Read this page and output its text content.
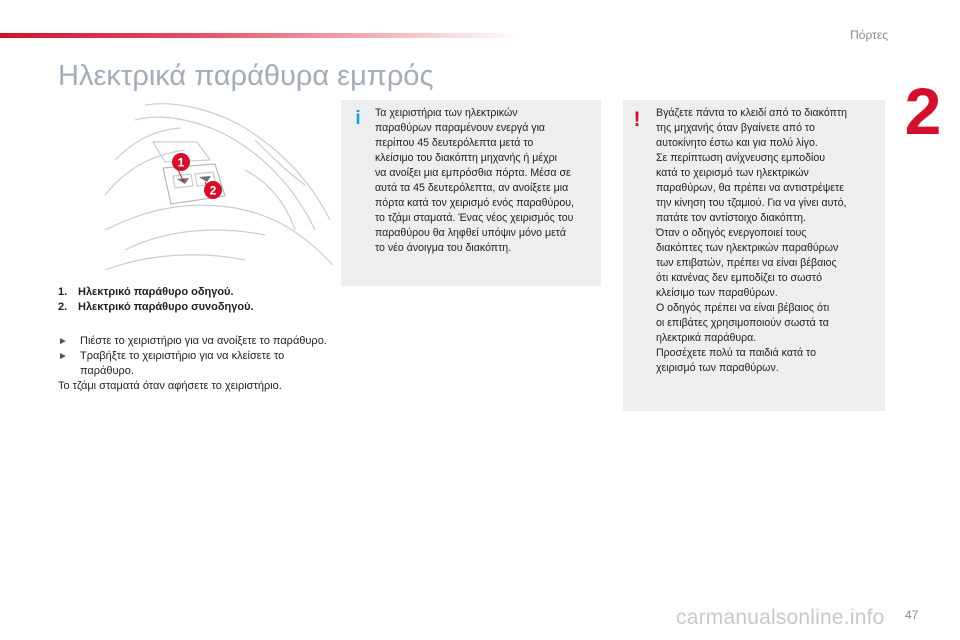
Πόρτες
2
Ηλεκτρικά παράθυρα εμπρός
1
2
1. Ηλεκτρικό παράθυρο οδηγού.
2. Ηλεκτρικό παράθυρο συνοδηγού.
►	Πιέστε το χειριστήριο για να ανοίξετε το παράθυρο.
►	Τραβήξτε το χειριστήριο για να κλείσετε το παράθυρο.
Το τζάμι σταματά όταν αφήσετε το χειριστήριο.
i	Τα χειριστήρια των ηλεκτρικών
παραθύρων παραμένουν ενεργά για
περίπου 45 δευτερόλεπτα μετά το
κλείσιμο του διακόπτη μηχανής ή μέχρι
να ανοίξει μια εμπρόσθια πόρτα. Μέσα σε
αυτά τα 45 δευτερόλεπτα, αν ανοίξετε μια
πόρτα κατά τον χειρισμό ενός παραθύρου,
το τζάμι σταματά. Ένας νέος χειρισμός του
παραθύρου θα ληφθεί υπόψιν μόνο μετά
το νέο άνοιγμα του διακόπτη.
!	Βγάζετε πάντα το κλειδί από το διακόπτη
της μηχανής όταν βγαίνετε από το
αυτοκίνητο έστω και για πολύ λίγο.
Σε περίπτωση ανίχνευσης εμποδίου
κατά το χειρισμό των ηλεκτρικών
παραθύρων, θα πρέπει να αντιστρέψετε
την κίνηση του τζαμιού. Για να γίνει αυτό,
πατάτε τον αντίστοιχο διακόπτη.
Όταν ο οδηγός ενεργοποιεί τους
διακόπτες των ηλεκτρικών παραθύρων
των επιβατών, πρέπει να είναι βέβαιος
ότι κανένας δεν εμποδίζει το σωστό
κλείσιμο των παραθύρων.
Ο οδηγός πρέπει να είναι βέβαιος ότι
οι επιβάτες χρησιμοποιούν σωστά τα
ηλεκτρικά παράθυρα.
Προσέχετε πολύ τα παιδιά κατά το
χειρισμό των παραθύρων.
carmanualsonline.info 47
